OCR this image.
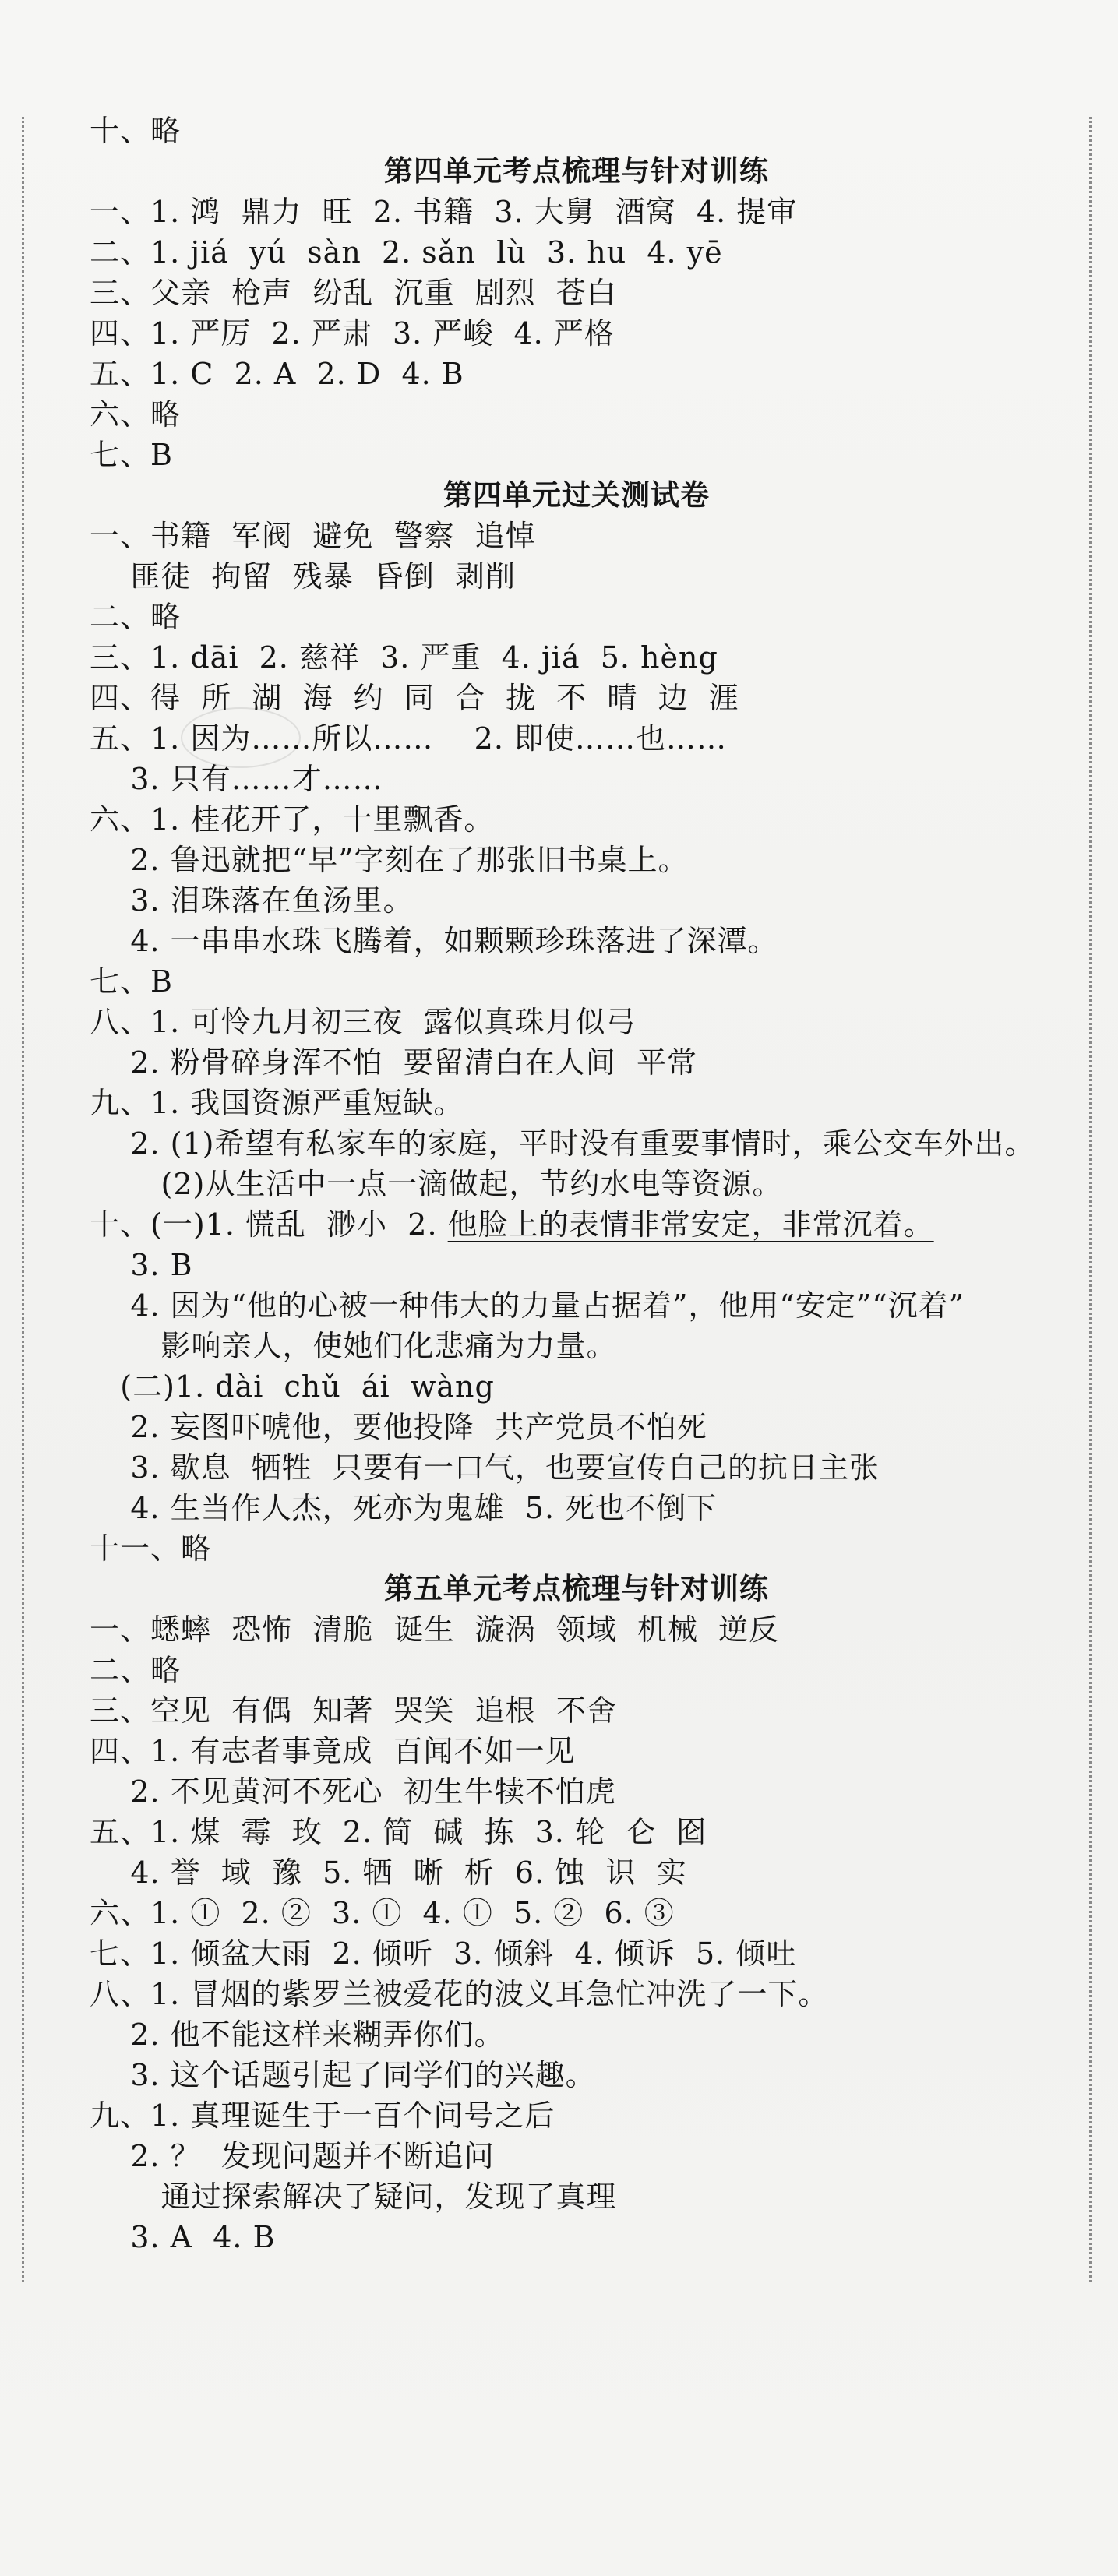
十、略
第四单元考点梳理与针对训练
一、1. 鸿  鼎力  旺  2. 书籍  3. 大舅  酒窝  4. 提审
二、1. jiá  yú  sàn  2. sǎn  lù  3. hu  4. yē
三、父亲  枪声  纷乱  沉重  剧烈  苍白
四、1. 严厉  2. 严肃  3. 严峻  4. 严格
五、1. C  2. A  2. D  4. B
六、略
七、B
第四单元过关测试卷
一、书籍  军阀  避免  警察  追悼
匪徒  拘留  残暴  昏倒  剥削
二、略
三、1. dāi  2. 慈祥  3. 严重  4. jiá  5. hèng
四、得  所  湖  海  约  同  合  拢  不  晴  边  涯
五、1. 因为……所以……    2. 即使……也……
3. 只有……才……
六、1. 桂花开了，十里飘香。
2. 鲁迅就把“早”字刻在了那张旧书桌上。
3. 泪珠落在鱼汤里。
4. 一串串水珠飞腾着，如颗颗珍珠落进了深潭。
七、B
八、1. 可怜九月初三夜  露似真珠月似弓
2. 粉骨碎身浑不怕  要留清白在人间  平常
九、1. 我国资源严重短缺。
2. (1)希望有私家车的家庭，平时没有重要事情时，乘公交车外出。
(2)从生活中一点一滴做起，节约水电等资源。
十、(一)1. 慌乱  渺小  2. 他脸上的表情非常安定，非常沉着。
3. B
4. 因为“他的心被一种伟大的力量占据着”，他用“安定”“沉着”
影响亲人，使她们化悲痛为力量。
(二)1. dài  chǔ  ái  wàng
2. 妄图吓唬他，要他投降  共产党员不怕死
3. 歇息  牺牲  只要有一口气，也要宣传自己的抗日主张
4. 生当作人杰，死亦为鬼雄  5. 死也不倒下
十一、略
第五单元考点梳理与针对训练
一、蟋蟀  恐怖  清脆  诞生  漩涡  领域  机械  逆反
二、略
三、空见  有偶  知著  哭笑  追根  不舍
四、1. 有志者事竟成  百闻不如一见
2. 不见黄河不死心  初生牛犊不怕虎
五、1. 煤  霉  玫  2. 简  碱  拣  3. 轮  仑  囵
4. 誉  域  豫  5. 牺  晰  析  6. 蚀  识  实
六、1. ①  2. ②  3. ①  4. ①  5. ②  6. ③
七、1. 倾盆大雨  2. 倾听  3. 倾斜  4. 倾诉  5. 倾吐
八、1. 冒烟的紫罗兰被爱花的波义耳急忙冲洗了一下。
2. 他不能这样来糊弄你们。
3. 这个话题引起了同学们的兴趣。
九、1. 真理诞生于一百个问号之后
2. ？  发现问题并不断追问
通过探索解决了疑问，发现了真理
3. A  4. B
